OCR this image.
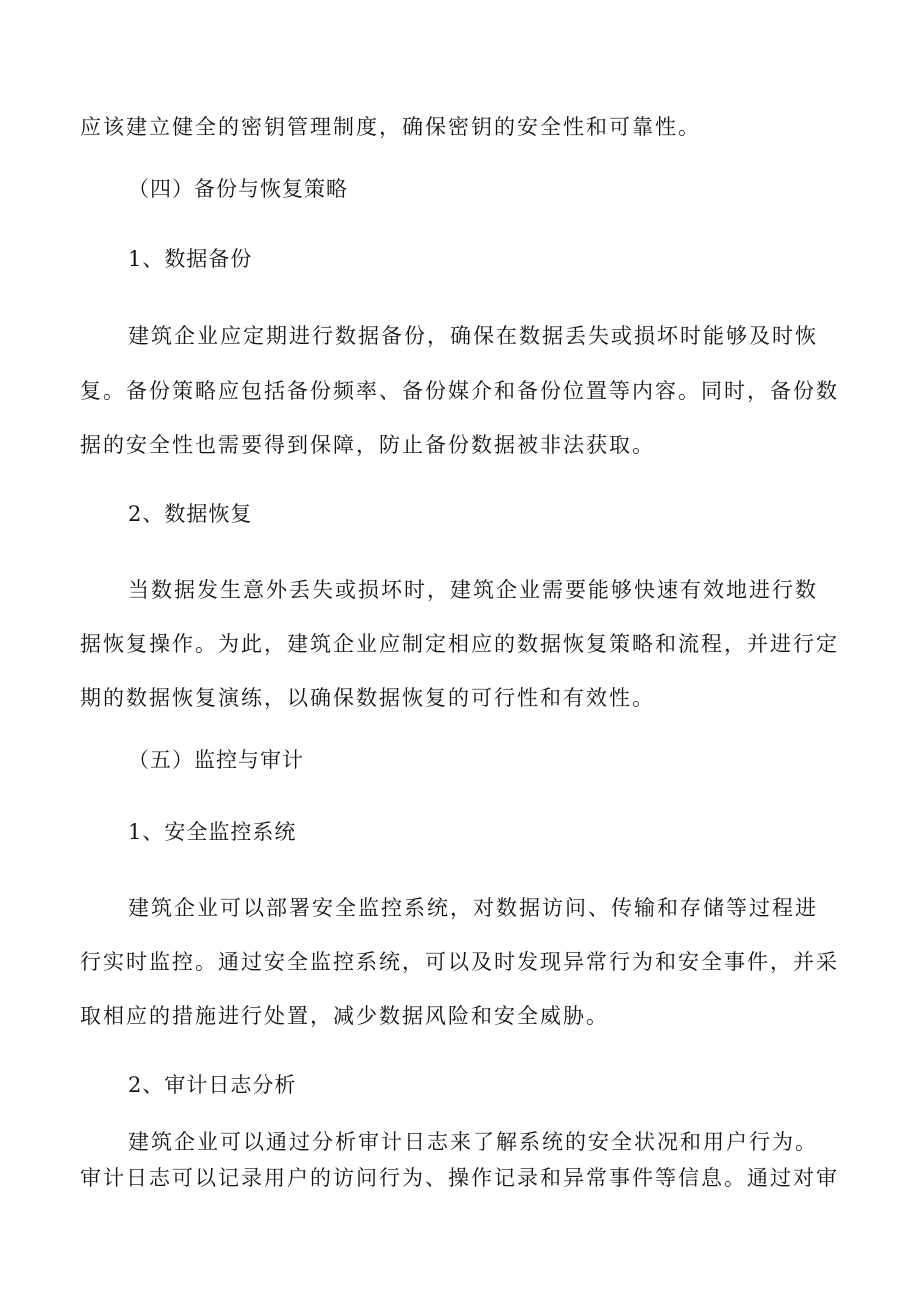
应该建立健全的密钥管理制度，确保密钥的安全性和可靠性。
（四）备份与恢复策略
1、数据备份
建筑企业应定期进行数据备份，确保在数据丢失或损坏时能够及时恢
复。备份策略应包括备份频率、备份媒介和备份位置等内容。同时，备份数
据的安全性也需要得到保障，防止备份数据被非法获取。
2、数据恢复
当数据发生意外丢失或损坏时，建筑企业需要能够快速有效地进行数
据恢复操作。为此，建筑企业应制定相应的数据恢复策略和流程，并进行定
期的数据恢复演练，以确保数据恢复的可行性和有效性。
（五）监控与审计
1、安全监控系统
建筑企业可以部署安全监控系统，对数据访问、传输和存储等过程进
行实时监控。通过安全监控系统，可以及时发现异常行为和安全事件，并采
取相应的措施进行处置，减少数据风险和安全威胁。
2、审计日志分析
建筑企业可以通过分析审计日志来了解系统的安全状况和用户行为。
审计日志可以记录用户的访问行为、操作记录和异常事件等信息。通过对审
